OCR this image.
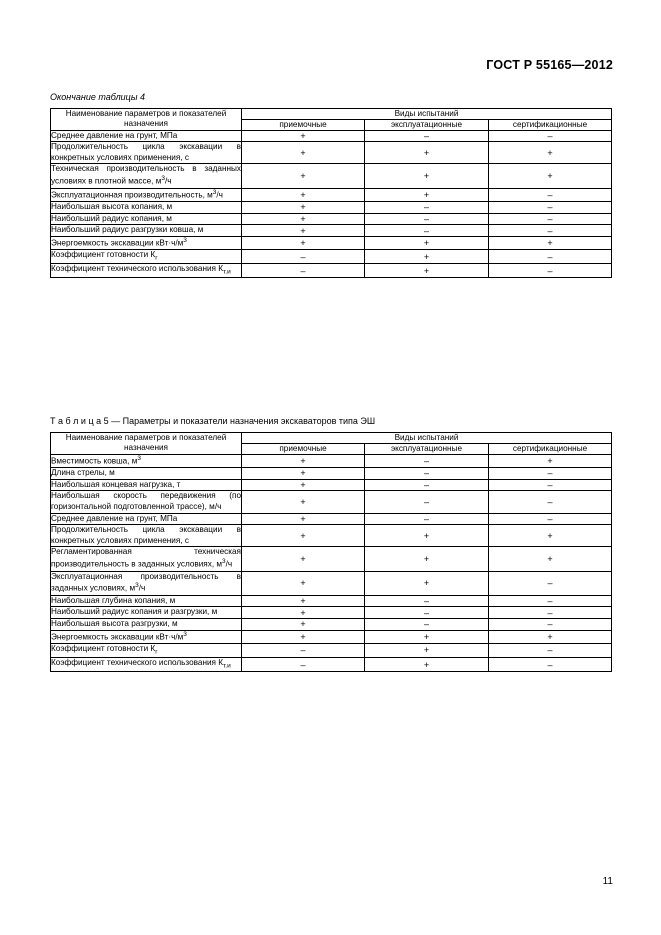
ГОСТ Р 55165—2012
Окончание таблицы 4
Наименование параметров и показателей назначения	Виды испытаний		
	приемочные	эксплуатационные	сертификационные
Среднее давление на грунт, МПа	+	–	–
Продолжительность цикла экскавации в конкретных условиях применения, с	+	+	+
Техническая производительность в заданных условиях в плотной массе, $м^3/ч$	+	+	+
Эксплуатационная производительность, $м^3/ч$	+	+	–
Наибольшая высота копания, м	+	–	–
Наибольший радиус копания, м	+	–	–
Наибольший радиус разгрузки ковша, м	+	–	–
Энергоемкость экскавации $кВт\cdot ч/м^3$	+	+	+
Коэффициент готовности $К_г$	–	+	–
Коэффициент технического использования $К_{т.и}$	–	+	–
Т а б л и ц а 5 — Параметры и показатели назначения экскаваторов типа ЭШ
Наименование параметров и показателей назначения	Виды испытаний		
	приемочные	эксплуатационные	сертификационные
Вместимость ковша, $м^3$	+	–	+
Длина стрелы, м	+	–	–
Наибольшая концевая нагрузка, т	+	–	–
Наибольшая скорость передвижения (по горизонтальной подготовленной трассе), м/ч	+	–	–
Среднее давление на грунт, МПа	+	–	–
Продолжительность цикла экскавации в конкретных условиях применения, с	+	+	+
Регламентированная техническая производительность в заданных условиях, $м^3/ч$	+	+	+
Эксплуатационная производительность в заданных условиях, $м^3/ч$	+	+	–
Наибольшая глубина копания, м	+	–	–
Наибольший радиус копания и разгрузки, м	+	–	–
Наибольшая высота разгрузки, м	+	–	–
Энергоемкость экскавации $кВт\cdot ч/м^3$	+	+	+
Коэффициент готовности $К_г$	–	+	–
Коэффициент технического использования $К_{т.и}$	–	+	–
11
